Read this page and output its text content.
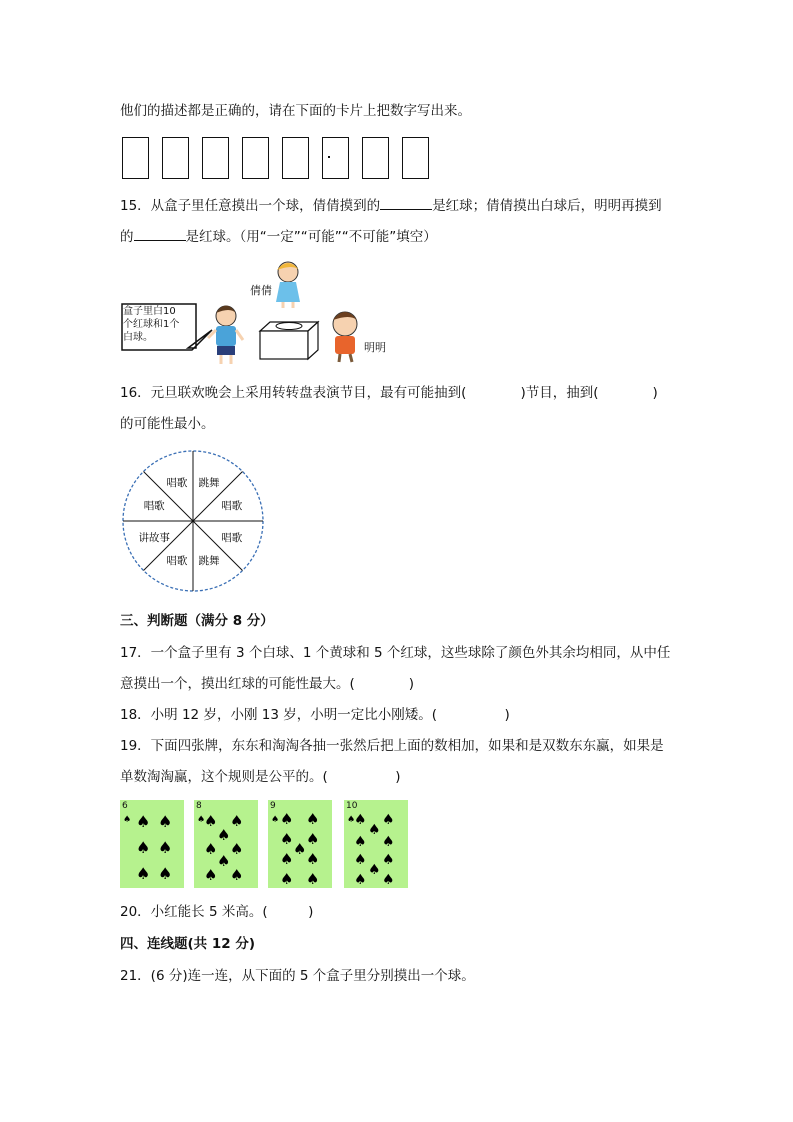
他们的描述都是正确的，请在下面的卡片上把数字写出来。
15．从盒子里任意摸出一个球，倩倩摸到的	是红球；倩倩摸出白球后，明明再摸到
的	是红球。（用“一定”“可能”“不可能”填空）
盒子里白10
个红球和1个
白球。
倩倩
明明
16．元旦联欢晚会上采用转转盘表演节目，最有可能抽到(　　　　)节目，抽到(　　　　)
的可能性最小。
唱歌 跳舞
唱歌
唱歌
跳舞
唱歌
讲故事
唱歌
三、判断题（满分 8 分）
17．一个盒子里有 3 个白球、1 个黄球和 5 个红球，这些球除了颜色外其余均相同，从中任
意摸出一个，摸出红球的可能性最大。(　　　　)
18．小明 12 岁，小刚 13 岁，小明一定比小刚矮。(　　　　　)
19．下面四张牌，东东和淘淘各抽一张然后把上面的数相加，如果和是双数东东赢，如果是
单数淘淘赢，这个规则是公平的。(　　　　　)
6
♠ ♠ ♠
♠ ♠
♠ ♠
8
♠
♠ ♠
♠
♠ ♠
♠
♠ ♠
9
♠ ♠ ♠
♠ ♠
♠
♠ ♠
♠ ♠
10
♠
♠ ♠
♠
♠ ♠
♠ ♠
♠
♠ ♠
20．小红能长 5 米高。(　　　)
四、连线题(共 12 分)
21．(6 分)连一连，从下面的 5 个盒子里分别摸出一个球。
